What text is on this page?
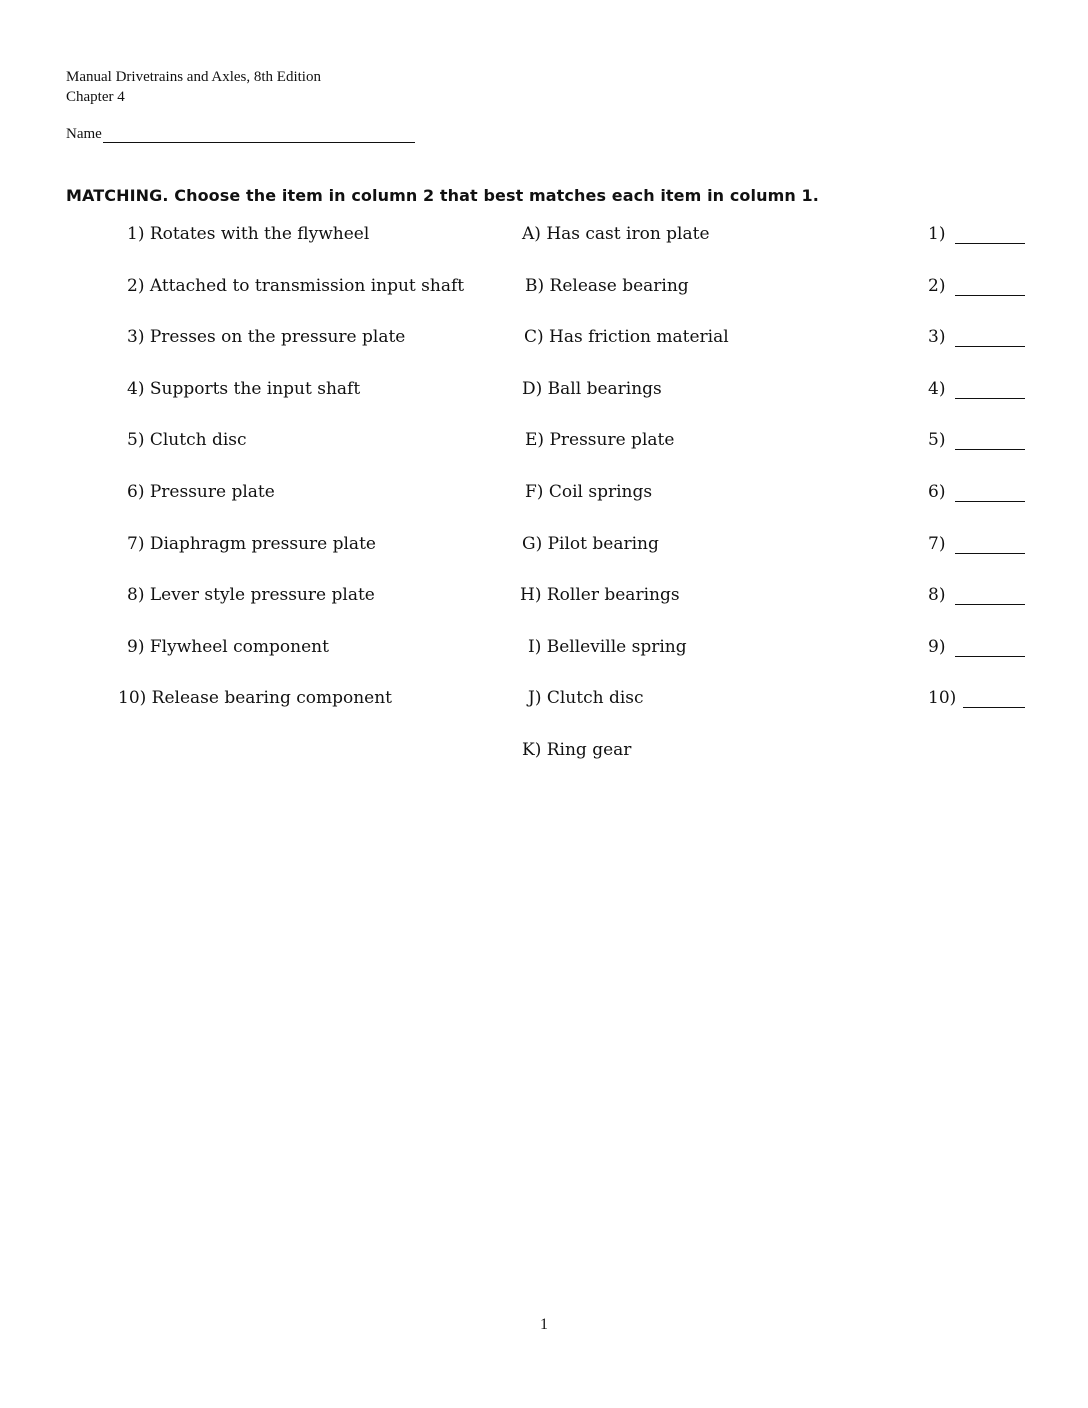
Manual Drivetrains and Axles, 8th Edition
Chapter 4
Name
MATCHING. Choose the item in column 2 that best matches each item in column 1.
1) Rotates with the flywheel
2) Attached to transmission input shaft
3) Presses on the pressure plate
4) Supports the input shaft
5) Clutch disc
6) Pressure plate
7) Diaphragm pressure plate
8) Lever style pressure plate
9) Flywheel component
10) Release bearing component
A) Has cast iron plate
B) Release bearing
C) Has friction material
D) Ball bearings
E) Pressure plate
F) Coil springs
G) Pilot bearing
H) Roller bearings
I) Belleville spring
J) Clutch disc
K) Ring gear
1)
2)
3)
4)
5)
6)
7)
8)
9)
10)
1
